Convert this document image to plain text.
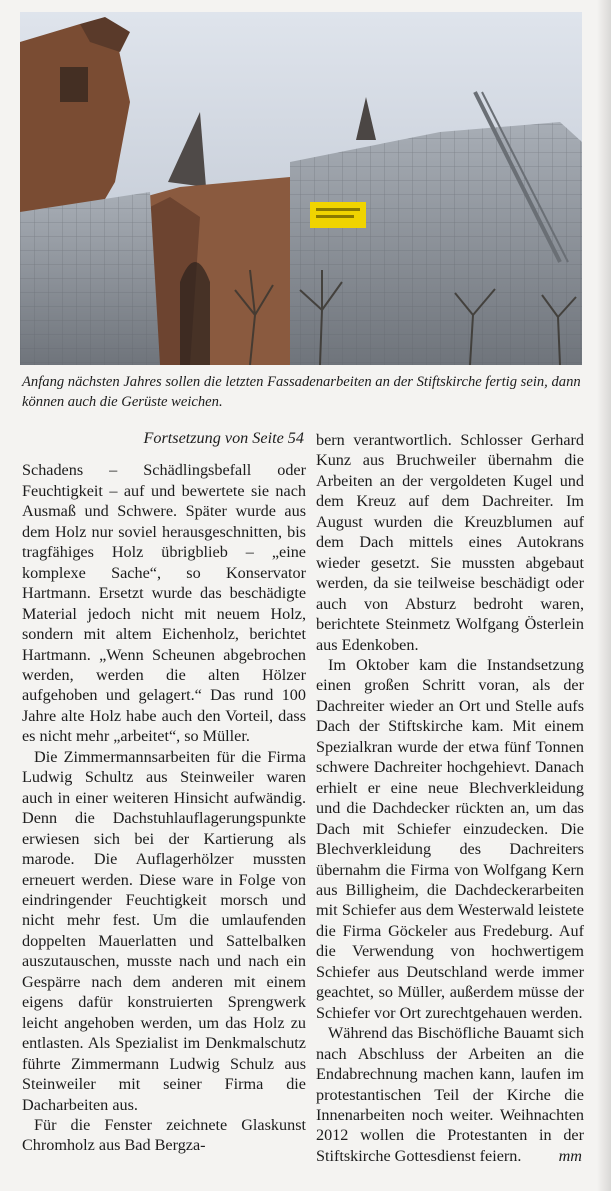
Anfang nächsten Jahres sollen die letzten Fassadenarbeiten an der Stiftskirche fertig sein, dann können auch die Gerüste weichen.

Fortsetzung von Seite 54

Schadens – Schädlingsbefall oder Feuchtigkeit – auf und bewertete sie nach Ausmaß und Schwere. Später wurde aus dem Holz nur soviel herausgeschnitten, bis tragfähiges Holz übrigblieb – „eine komplexe Sache“, so Konservator Hartmann. Ersetzt wurde das beschädigte Material jedoch nicht mit neuem Holz, sondern mit altem Eichenholz, berichtet Hartmann. „Wenn Scheunen abgebrochen werden, werden die alten Hölzer aufgehoben und gelagert.“ Das rund 100 Jahre alte Holz habe auch den Vorteil, dass es nicht mehr „arbeitet“, so Müller.

Die Zimmermannsarbeiten für die Firma Ludwig Schultz aus Steinweiler waren auch in einer weiteren Hinsicht aufwändig. Denn die Dachstuhlauflagerungspunkte erwiesen sich bei der Kartierung als marode. Die Auflagerhölzer mussten erneuert werden. Diese ware in Folge von eindringender Feuchtigkeit morsch und nicht mehr fest. Um die umlaufenden doppelten Mauerlatten und Sattelbalken auszutauschen, musste nach und nach ein Gespärre nach dem anderen mit einem eigens dafür konstruierten Sprengwerk leicht angehoben werden, um das Holz zu entlasten. Als Spezialist im Denkmalschutz führte Zimmermann Ludwig Schulz aus Steinweiler mit seiner Firma die Dacharbeiten aus.

Für die Fenster zeichnete Glaskunst Chromholz aus Bad Bergza-

bern verantwortlich. Schlosser Gerhard Kunz aus Bruchweiler übernahm die Arbeiten an der vergoldeten Kugel und dem Kreuz auf dem Dachreiter. Im August wurden die Kreuzblumen auf dem Dach mittels eines Autokrans wieder gesetzt. Sie mussten abgebaut werden, da sie teilweise beschädigt oder auch von Absturz bedroht waren, berichtete Steinmetz Wolfgang Österlein aus Edenkoben.

Im Oktober kam die Instandsetzung einen großen Schritt voran, als der Dachreiter wieder an Ort und Stelle aufs Dach der Stiftskirche kam. Mit einem Spezialkran wurde der etwa fünf Tonnen schwere Dachreiter hochgehievt. Danach erhielt er eine neue Blechverkleidung und die Dachdecker rückten an, um das Dach mit Schiefer einzudecken. Die Blechverkleidung des Dachreiters übernahm die Firma von Wolfgang Kern aus Billigheim, die Dachdeckerarbeiten mit Schiefer aus dem Westerwald leistete die Firma Göckeler aus Fredeburg. Auf die Verwendung von hochwertigem Schiefer aus Deutschland werde immer geachtet, so Müller, außerdem müsse der Schiefer vor Ort zurechtgehauen werden.

Während das Bischöfliche Bauamt sich nach Abschluss der Arbeiten an die Endabrechnung machen kann, laufen im protestantischen Teil der Kirche die Innenarbeiten noch weiter. Weihnachten 2012 wollen die Protestanten in der Stiftskirche Gottesdienst feiern.	mm
